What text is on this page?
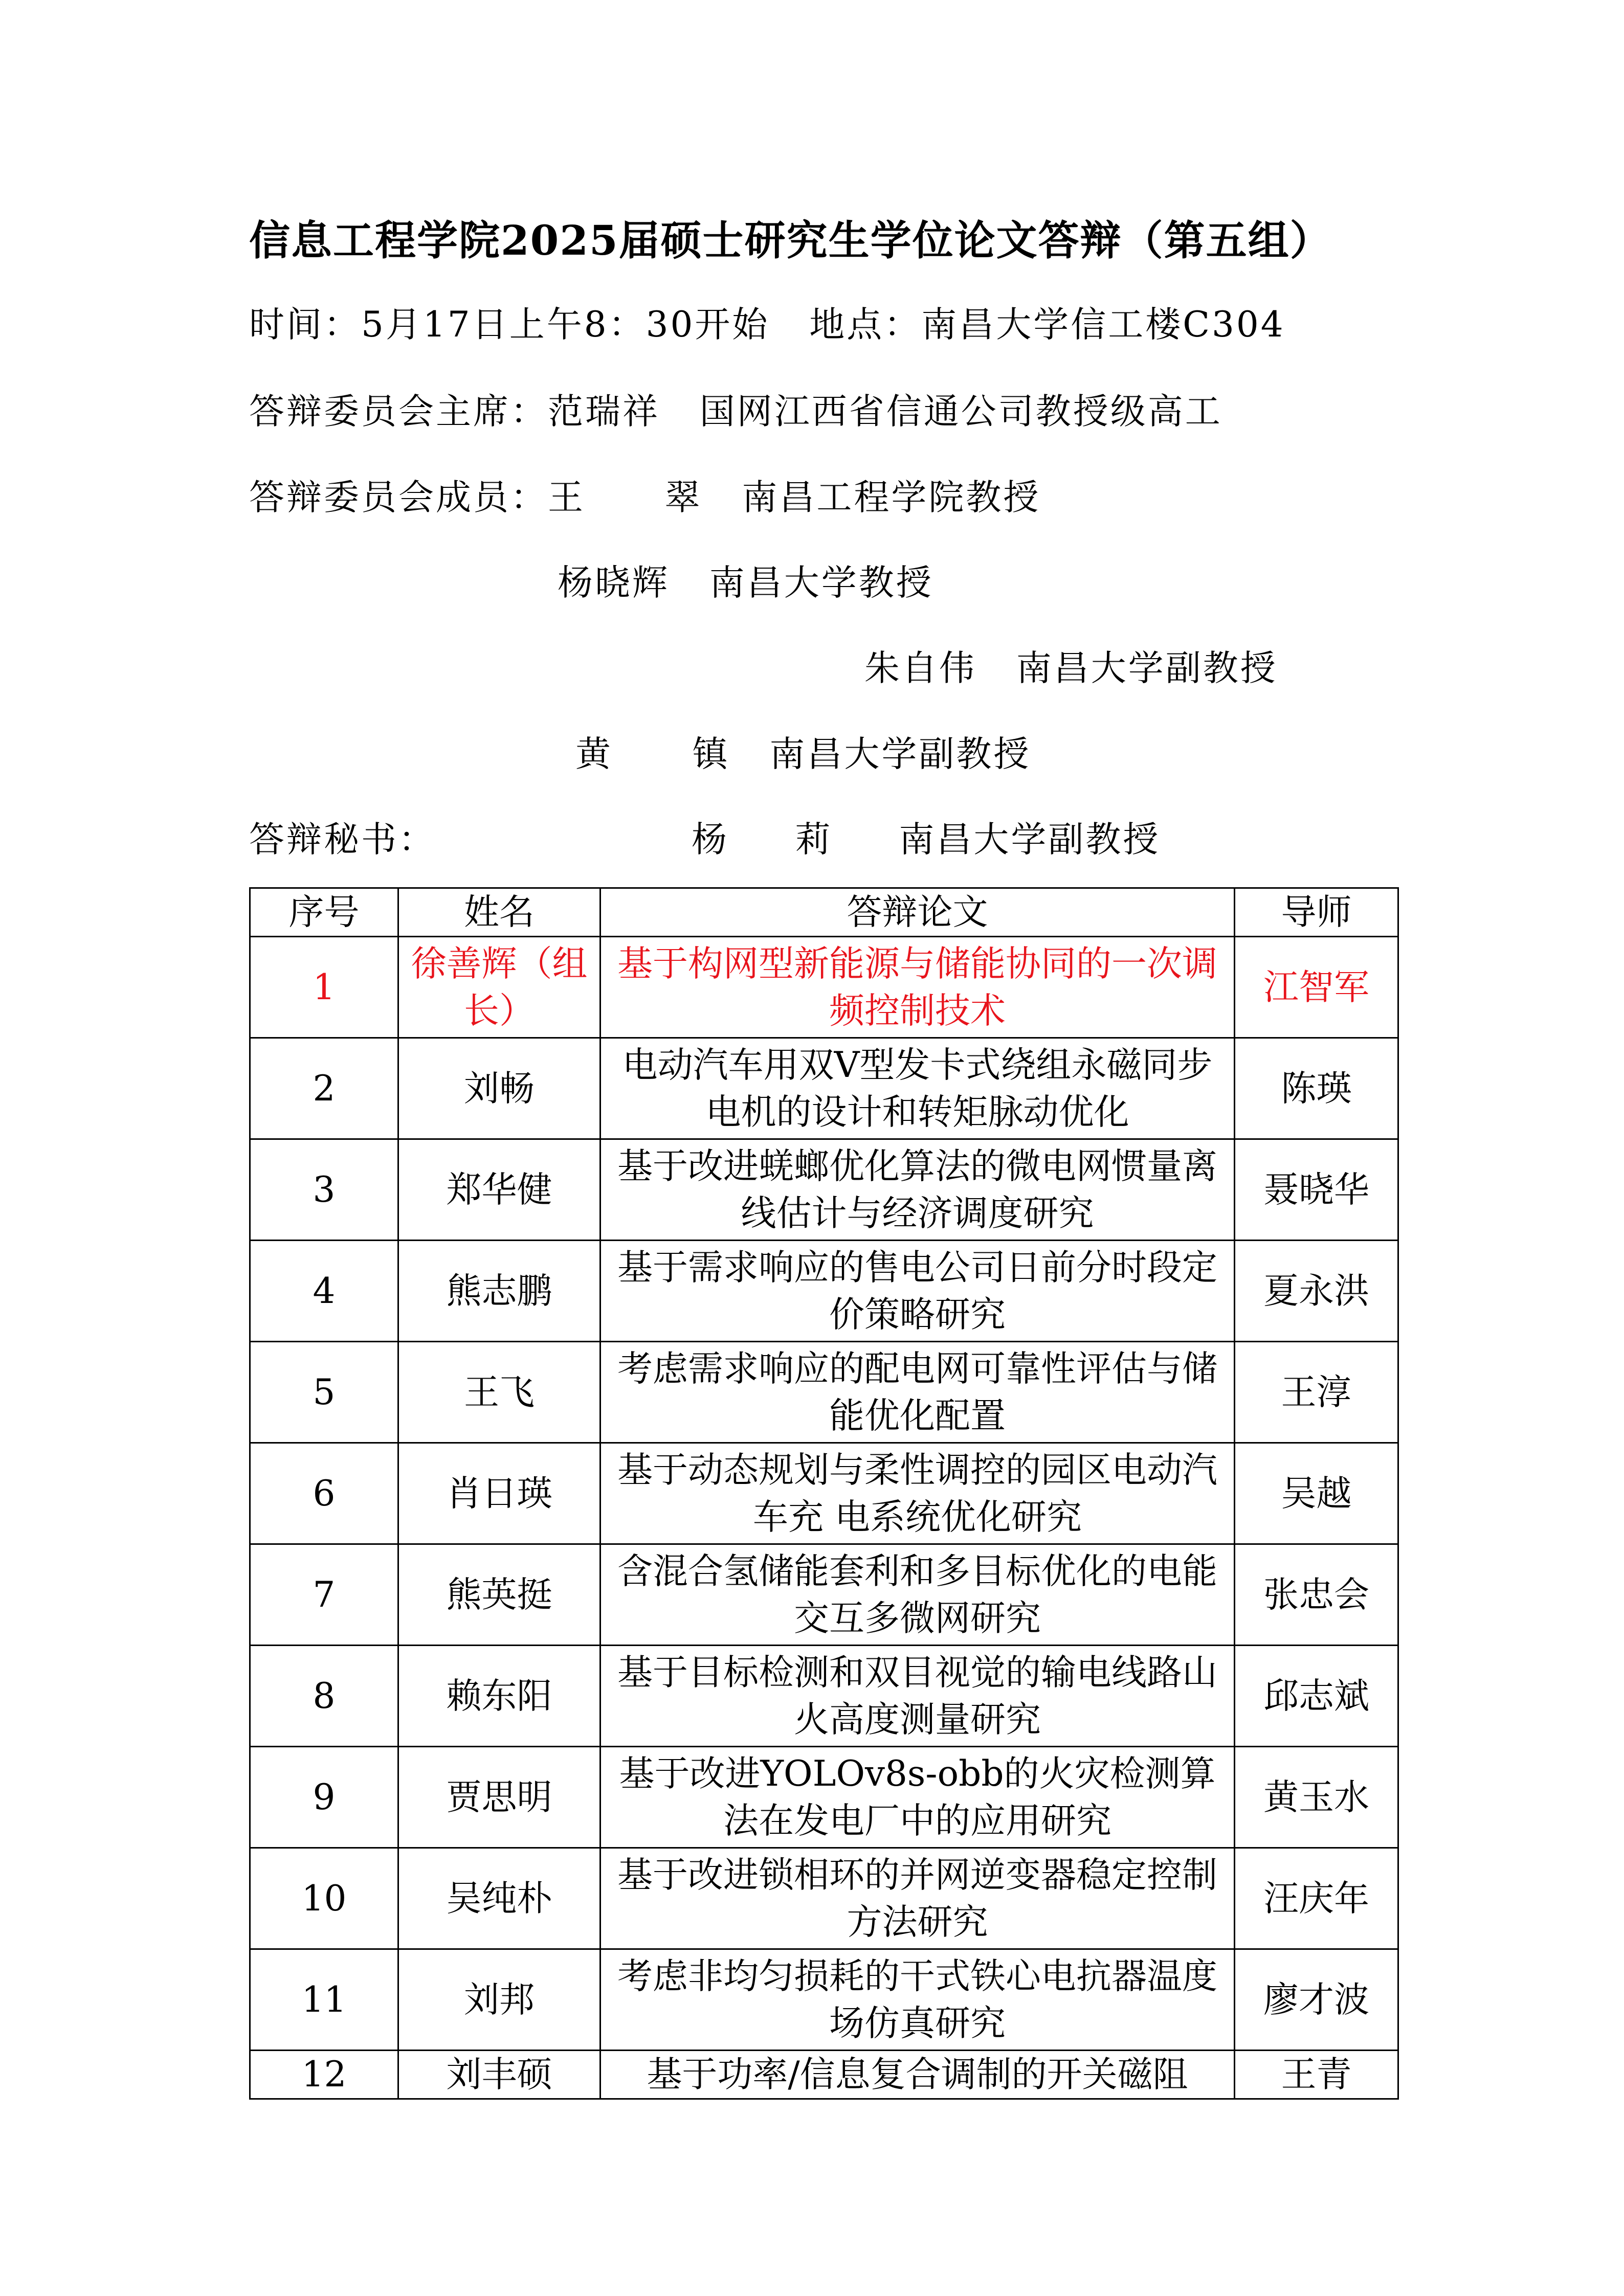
信息工程学院2025届硕士研究生学位论文答辩（第五组）
时间：5月17日上午8：30开始   地点：南昌大学信工楼C304
答辩委员会主席：范瑞祥   国网江西省信通公司教授级高工
答辩委员会成员：王      翠   南昌工程学院教授
杨晓辉   南昌大学教授
朱自伟   南昌大学副教授
黄      镇   南昌大学副教授
答辩秘书：	杨     莉     南昌大学副教授
序号	姓名	答辩论文	导师
1	徐善辉（组长）	基于构网型新能源与储能协同的一次调频控制技术	江智军
2	刘畅	电动汽车用双V型发卡式绕组永磁同步电机的设计和转矩脉动优化	陈瑛
3	郑华健	基于改进蜣螂优化算法的微电网惯量离线估计与经济调度研究	聂晓华
4	熊志鹏	基于需求响应的售电公司日前分时段定价策略研究	夏永洪
5	王飞	考虑需求响应的配电网可靠性评估与储能优化配置	王淳
6	肖日瑛	基于动态规划与柔性调控的园区电动汽车充 电系统优化研究	吴越
7	熊英挺	含混合氢储能套利和多目标优化的电能交互多微网研究	张忠会
8	赖东阳	基于目标检测和双目视觉的输电线路山火高度测量研究	邱志斌
9	贾思明	基于改进YOLOv8s-obb的火灾检测算法在发电厂中的应用研究	黄玉水
10	吴纯朴	基于改进锁相环的并网逆变器稳定控制方法研究	汪庆年
11	刘邦	考虑非均匀损耗的干式铁心电抗器温度场仿真研究	廖才波
12	刘丰硕	基于功率/信息复合调制的开关磁阻	王青
